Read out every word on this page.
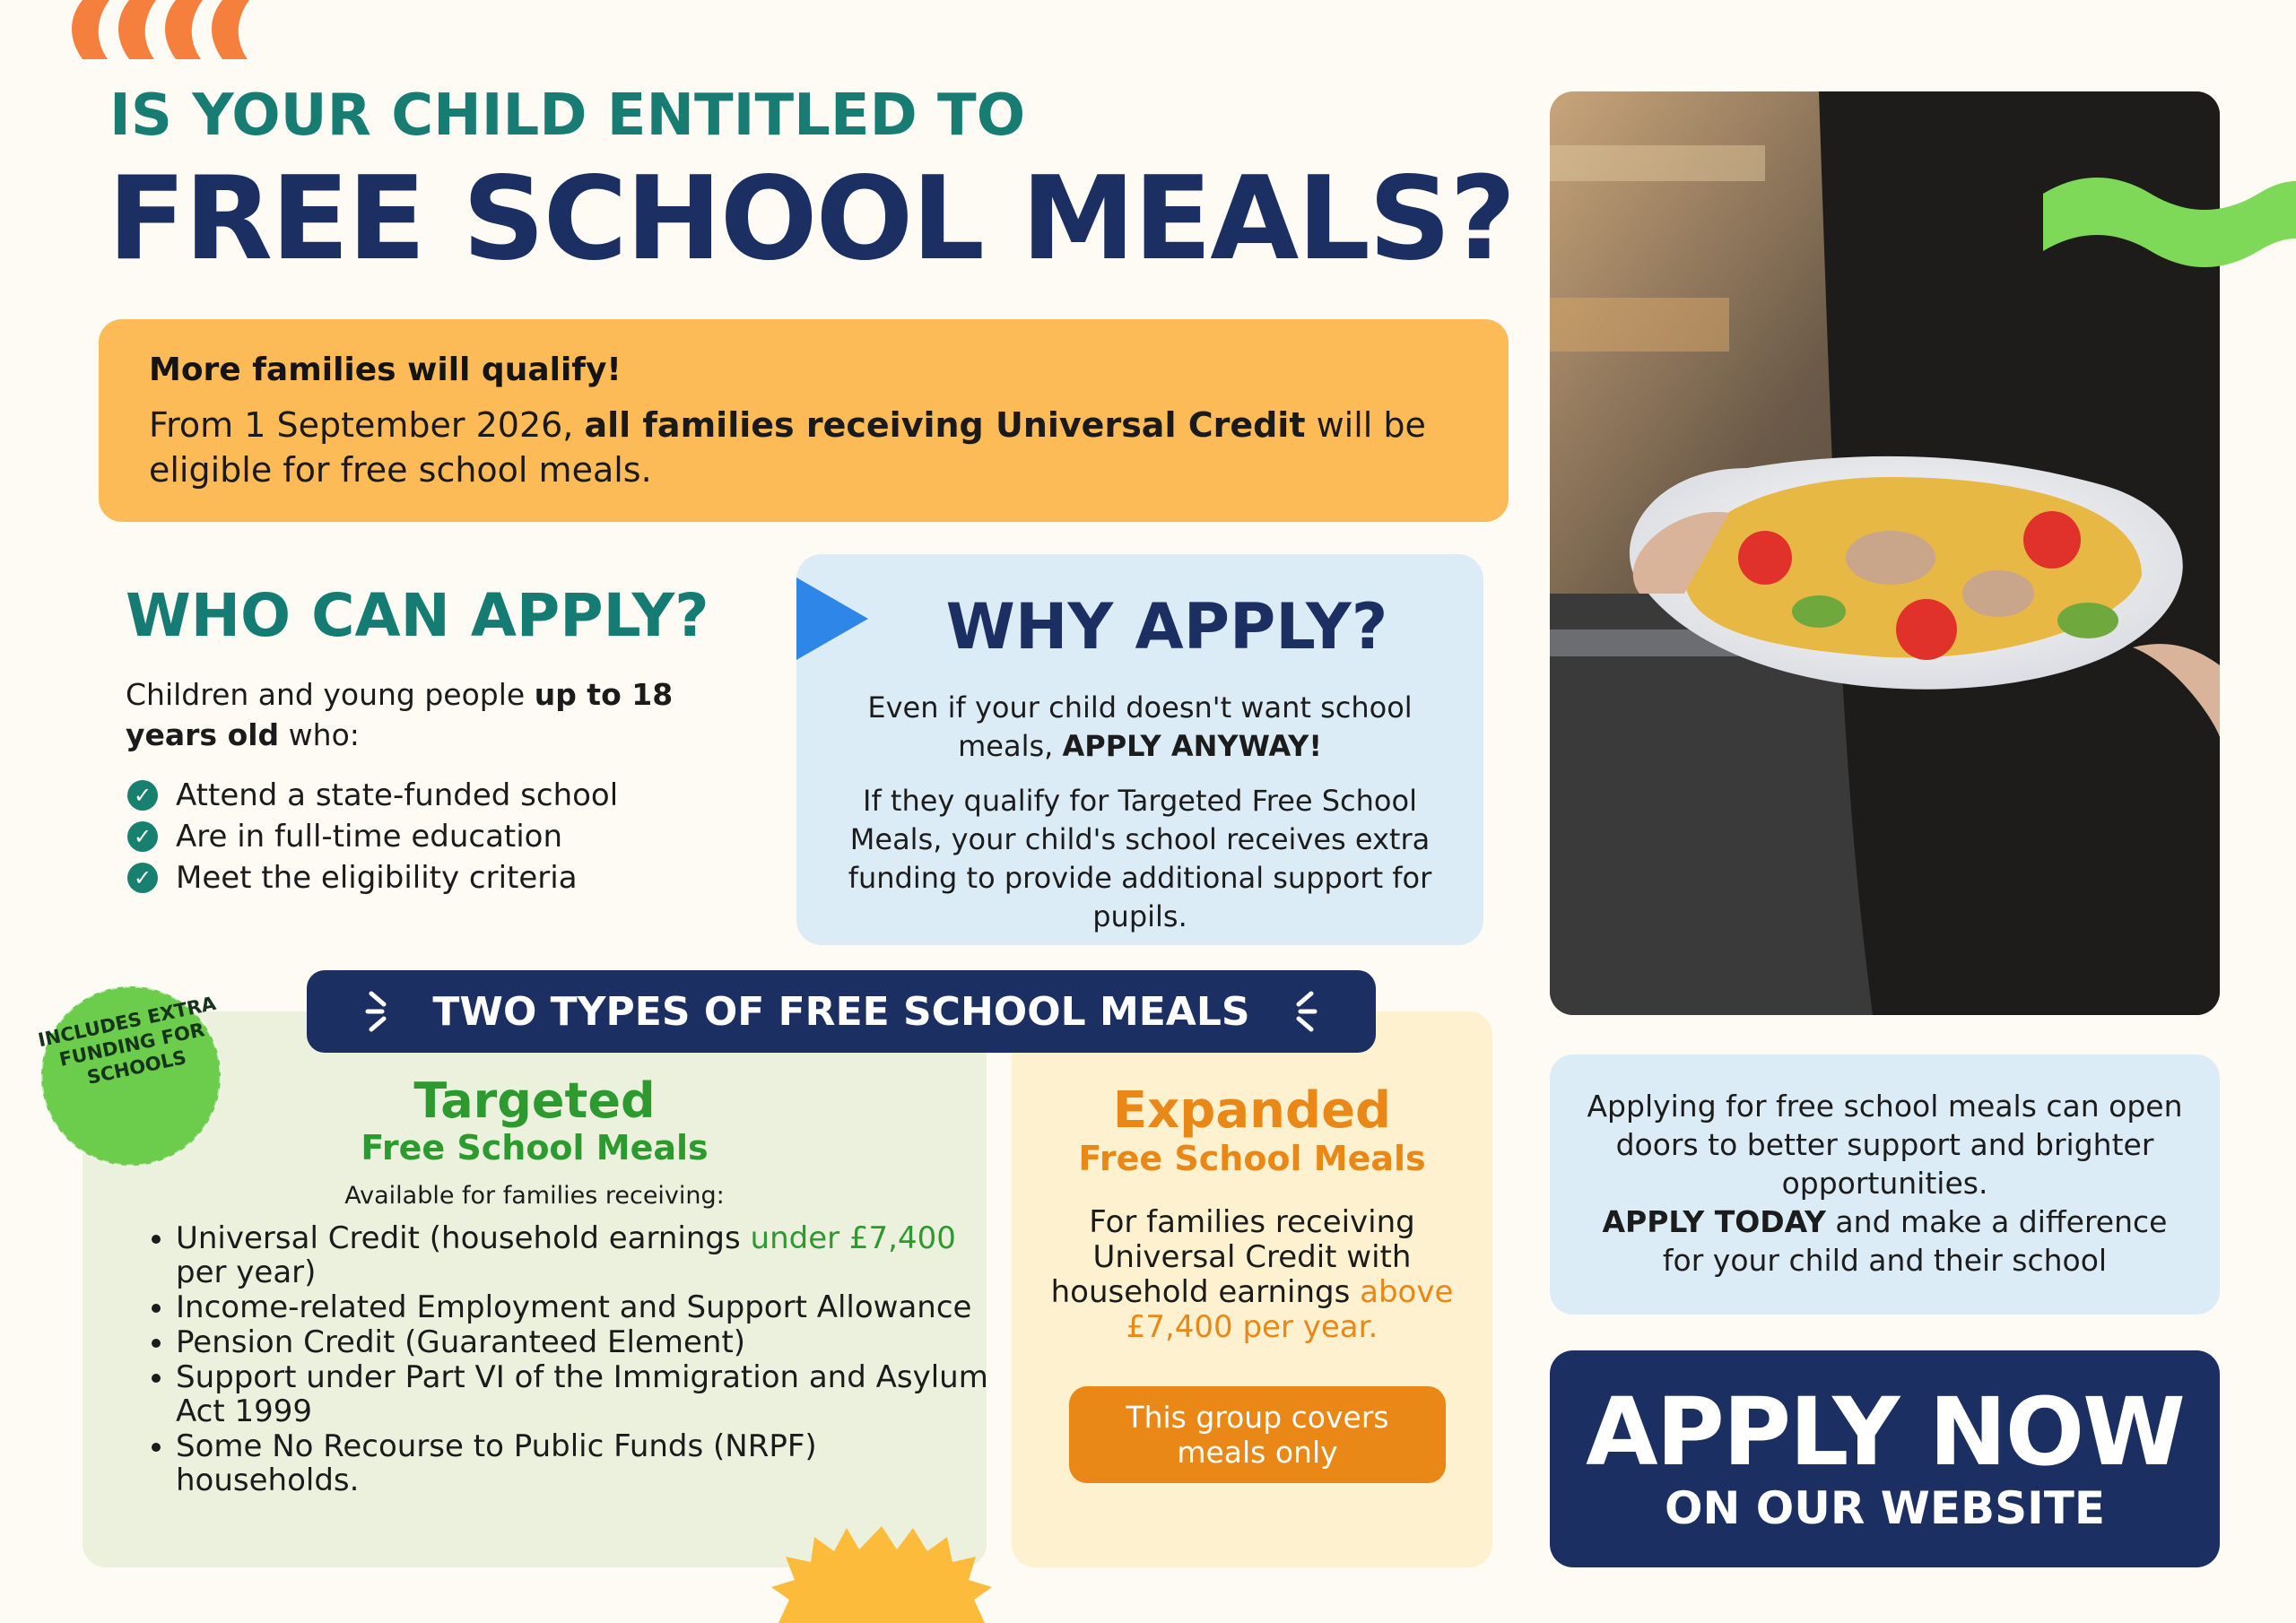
IS YOUR CHILD ENTITLED TO
FREE SCHOOL MEALS?

More families will qualify!

From 1 September 2026, all families receiving Universal Credit will be eligible for free school meals.

WHO CAN APPLY?
Children and young people up to 18 years old who:
✓ Attend a state-funded school
✓ Are in full-time education
✓ Meet the eligibility criteria
WHY APPLY?

Even if your child doesn't want school meals, APPLY ANYWAY!

If they qualify for Targeted Free School Meals, your child's school receives extra funding to provide additional support for pupils.

TWO TYPES OF FREE SCHOOL MEALS
INCLUDES EXTRA FUNDING FOR SCHOOLS
Targeted
Free School Meals
Available for families receiving:
• Universal Credit (household earnings under £7,400 per year)
• Income-related Employment and Support Allowance
• Pension Credit (Guaranteed Element)
• Support under Part VI of the Immigration and Asylum Act 1999
• Some No Recourse to Public Funds (NRPF) households.
Expanded
Free School Meals
For families receiving Universal Credit with household earnings above £7,400 per year.
This group covers meals only
Applying for free school meals can open doors to better support and brighter opportunities.
APPLY TODAY and make a difference for your child and their school
APPLY NOW
ON OUR WEBSITE
